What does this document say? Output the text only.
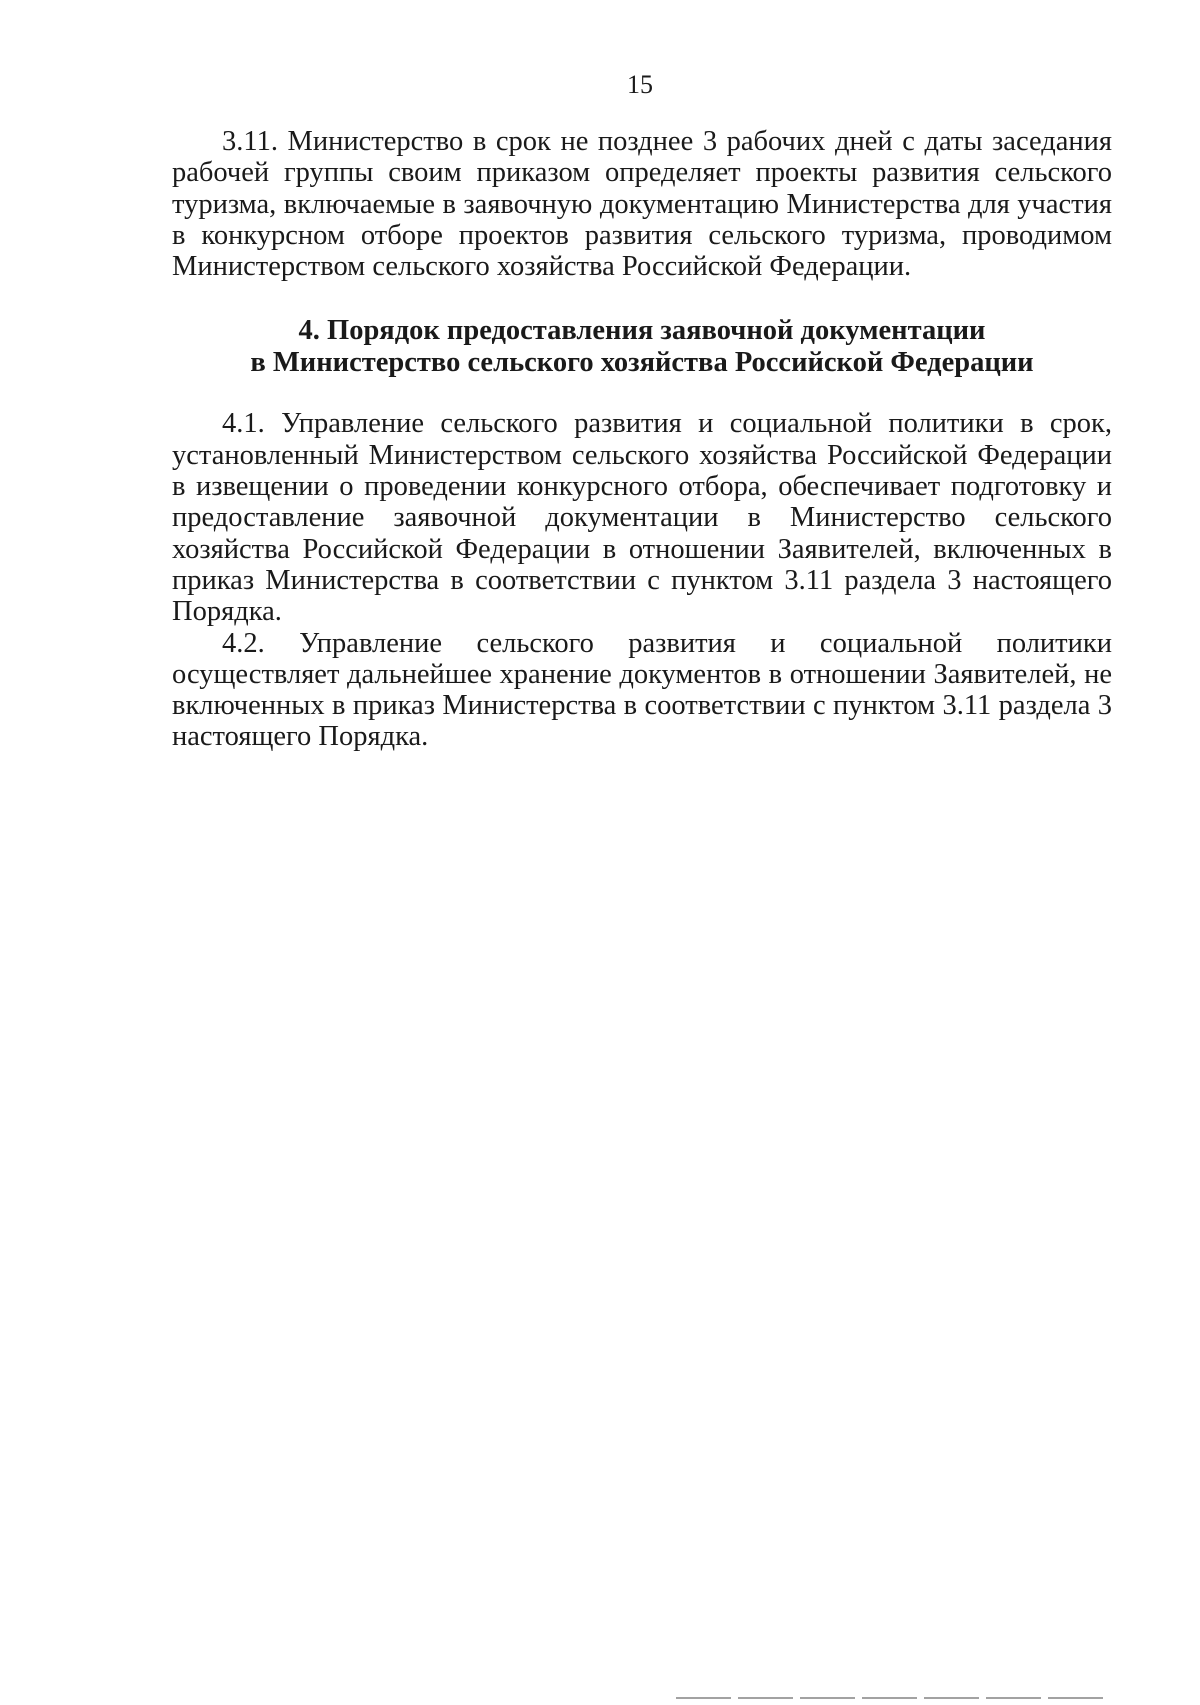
15

3.11. Министерство в срок не позднее 3 рабочих дней с даты заседания рабочей группы своим приказом определяет проекты развития сельского туризма, включаемые в заявочную документацию Министерства для участия в конкурсном отборе проектов развития сельского туризма, проводимом Министерством сельского хозяйства Российской Федерации.

4. Порядок предоставления заявочной документации
в Министерство сельского хозяйства Российской Федерации

4.1. Управление сельского развития и социальной политики в срок, установленный Министерством сельского хозяйства Российской Федерации в извещении о проведении конкурсного отбора, обеспечивает подготовку и предоставление заявочной документации в Министерство сельского хозяйства Российской Федерации в отношении Заявителей, включенных в приказ Министерства в соответствии с пунктом 3.11 раздела 3 настоящего Порядка.

4.2. Управление сельского развития и социальной политики осуществляет дальнейшее хранение документов в отношении Заявителей, не включенных в приказ Министерства в соответствии с пунктом 3.11 раздела 3 настоящего Порядка.
